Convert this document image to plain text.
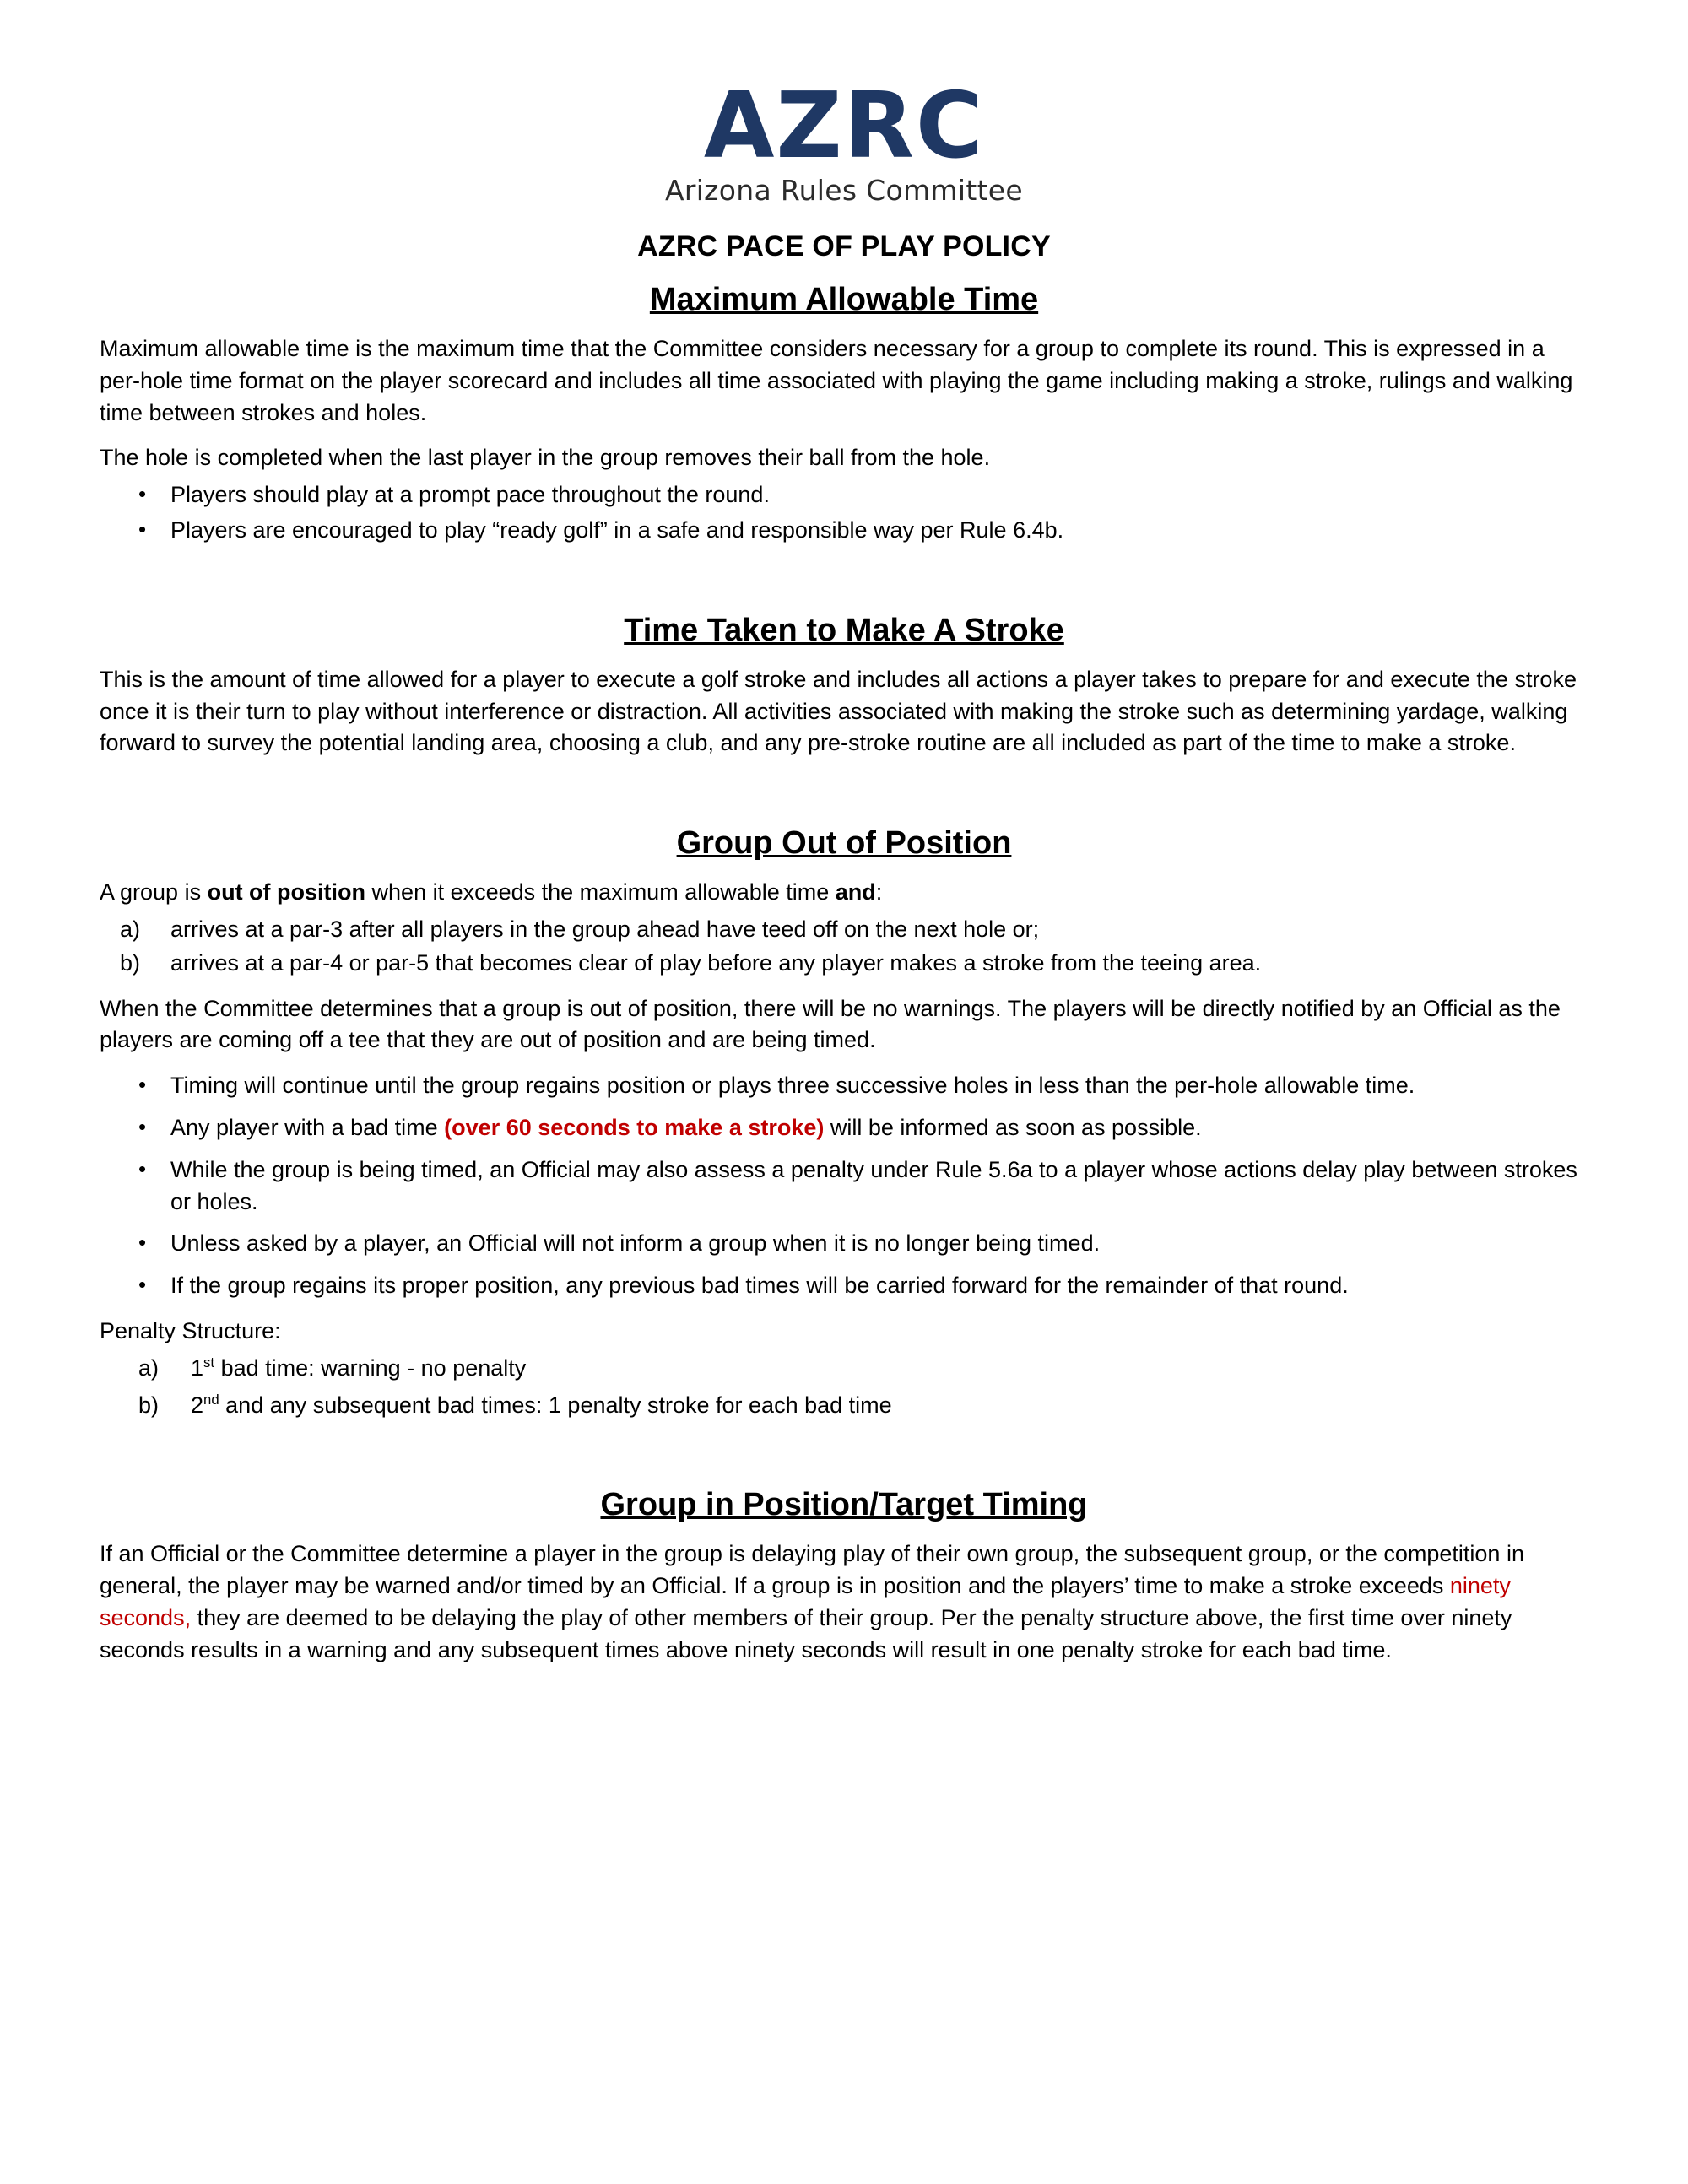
AZRC
Arizona Rules Committee
AZRC PACE OF PLAY POLICY
Maximum Allowable Time

Maximum allowable time is the maximum time that the Committee considers necessary for a group to complete its round. This is expressed in a per-hole time format on the player scorecard and includes all time associated with playing the game including making a stroke, rulings and walking time between strokes and holes.

The hole is completed when the last player in the group removes their ball from the hole.

• Players should play at a prompt pace throughout the round.
• Players are encouraged to play “ready golf” in a safe and responsible way per Rule 6.4b.
Time Taken to Make A Stroke

This is the amount of time allowed for a player to execute a golf stroke and includes all actions a player takes to prepare for and execute the stroke once it is their turn to play without interference or distraction. All activities associated with making the stroke such as determining yardage, walking forward to survey the potential landing area, choosing a club, and any pre-stroke routine are all included as part of the time to make a stroke.

Group Out of Position

A group is out of position when it exceeds the maximum allowable time and:

a) arrives at a par-3 after all players in the group ahead have teed off on the next hole or;
b) arrives at a par-4 or par-5 that becomes clear of play before any player makes a stroke from the teeing area.

When the Committee determines that a group is out of position, there will be no warnings. The players will be directly notified by an Official as the players are coming off a tee that they are out of position and are being timed.

• Timing will continue until the group regains position or plays three successive holes in less than the per-hole allowable time.
• Any player with a bad time (over 60 seconds to make a stroke) will be informed as soon as possible.
• While the group is being timed, an Official may also assess a penalty under Rule 5.6a to a player whose actions delay play between strokes or holes.
• Unless asked by a player, an Official will not inform a group when it is no longer being timed.
• If the group regains its proper position, any previous bad times will be carried forward for the remainder of that round.

Penalty Structure:

a) 1st bad time: warning - no penalty
b) 2nd and any subsequent bad times: 1 penalty stroke for each bad time
Group in Position/Target Timing

If an Official or the Committee determine a player in the group is delaying play of their own group, the subsequent group, or the competition in general, the player may be warned and/or timed by an Official. If a group is in position and the players’ time to make a stroke exceeds ninety seconds, they are deemed to be delaying the play of other members of their group. Per the penalty structure above, the first time over ninety seconds results in a warning and any subsequent times above ninety seconds will result in one penalty stroke for each bad time.
